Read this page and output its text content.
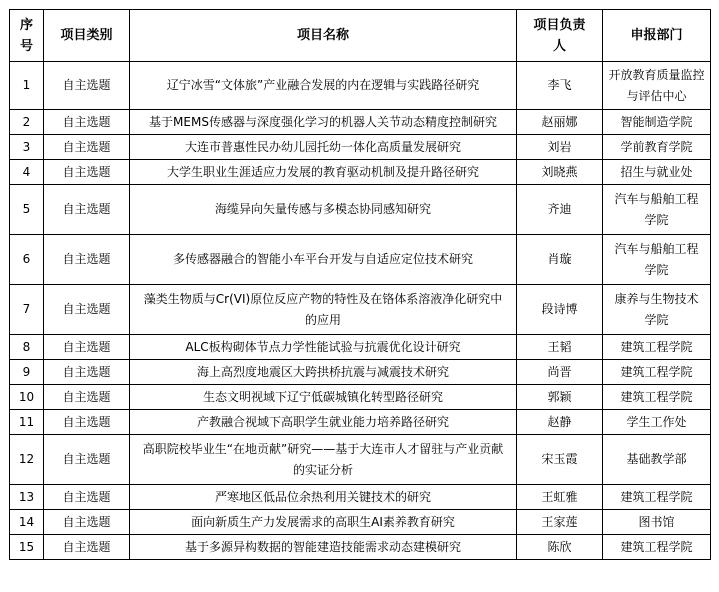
序号	项目类别	项目名称	项目负责人	申报部门
1	自主选题	辽宁冰雪“文体旅”产业融合发展的内在逻辑与实践路径研究	李飞	开放教育质量监控与评估中心
2	自主选题	基于MEMS传感器与深度强化学习的机器人关节动态精度控制研究	赵丽娜	智能制造学院
3	自主选题	大连市普惠性民办幼儿园托幼一体化高质量发展研究	刘岩	学前教育学院
4	自主选题	大学生职业生涯适应力发展的教育驱动机制及提升路径研究	刘晓燕	招生与就业处
5	自主选题	海缆异向矢量传感与多模态协同感知研究	齐迪	汽车与船舶工程学院
6	自主选题	多传感器融合的智能小车平台开发与自适应定位技术研究	肖璇	汽车与船舶工程学院
7	自主选题	藻类生物质与Cr(VI)原位反应产物的特性及在铬体系溶液净化研究中的应用	段诗博	康养与生物技术学院
8	自主选题	ALC板构砌体节点力学性能试验与抗震优化设计研究	王韬	建筑工程学院
9	自主选题	海上高烈度地震区大跨拱桥抗震与减震技术研究	尚晋	建筑工程学院
10	自主选题	生态文明视域下辽宁低碳城镇化转型路径研究	郭颖	建筑工程学院
11	自主选题	产教融合视域下高职学生就业能力培养路径研究	赵静	学生工作处
12	自主选题	高职院校毕业生“在地贡献”研究——基于大连市人才留驻与产业贡献的实证分析	宋玉霞	基础教学部
13	自主选题	严寒地区低品位余热利用关键技术的研究	王虹雅	建筑工程学院
14	自主选题	面向新质生产力发展需求的高职生AI素养教育研究	王家莲	图书馆
15	自主选题	基于多源异构数据的智能建造技能需求动态建模研究	陈欣	建筑工程学院
